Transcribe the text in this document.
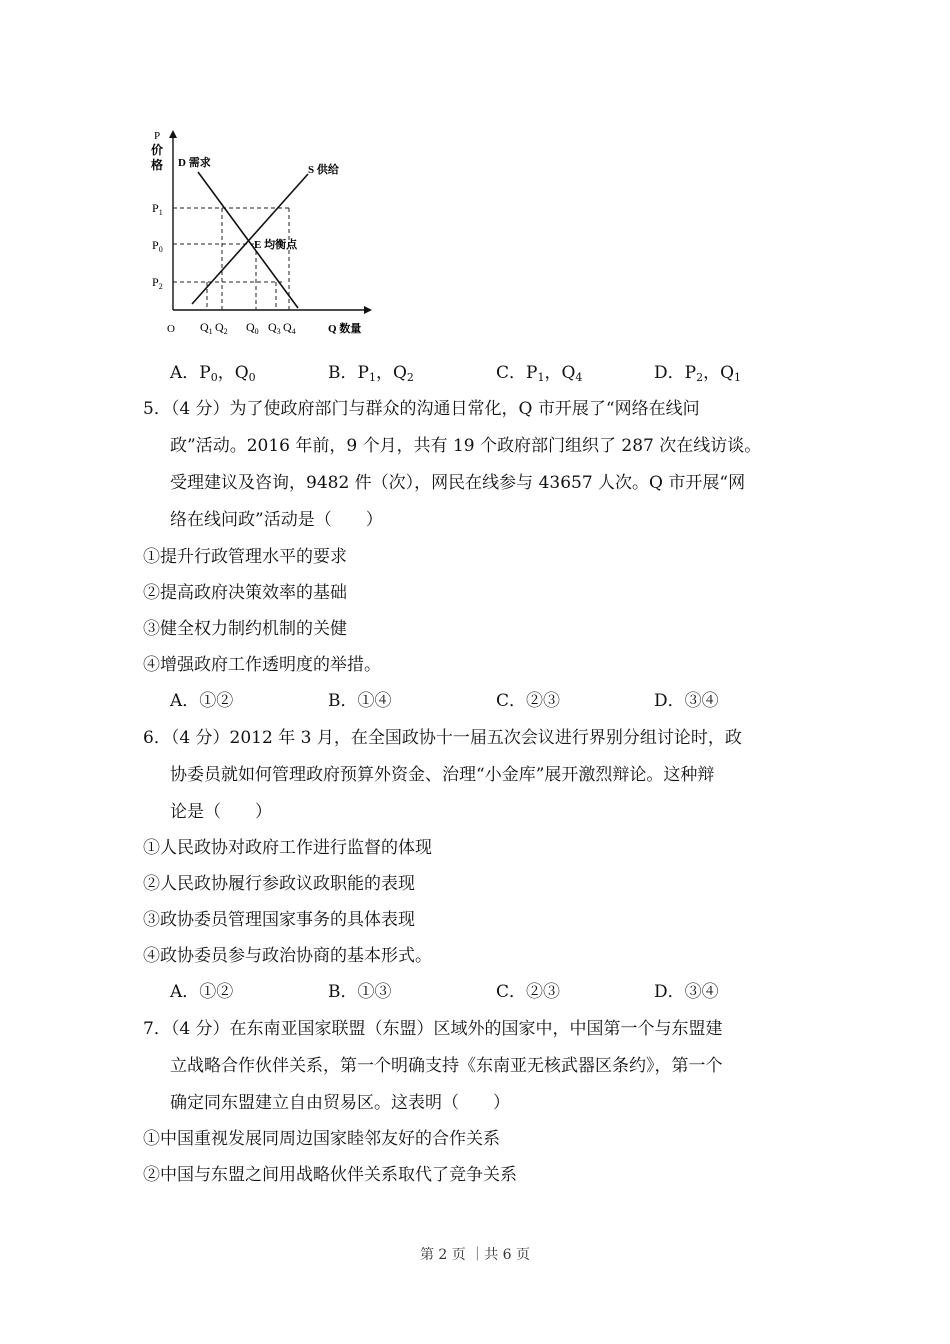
P
价
格 D 需求
S 供给
E 均衡点
$P_1$
$P_0$
$P_2$
O $Q_1$ $Q_2$ $Q_0$ $Q_3$ $Q_4$	Q 数量
A．$P_0$，$Q_0$	B．$P_1$，$Q_2$	C．$P_1$，$Q_4$	D．$P_2$，$Q_1$
5．（4 分）为了使政府部门与群众的沟通日常化，Q 市开展了“网络在线问
政”活动。2016 年前，9 个月，共有 19 个政府部门组织了 287 次在线访谈。
受理建议及咨询，9482 件（次），网民在线参与 43657 人次。Q 市开展“网
络在线问政”活动是（　　）
①提升行政管理水平的要求
②提高政府决策效率的基础
③健全权力制约机制的关健
④增强政府工作透明度的举措。
A．①②	B．①④	C．②③	D．③④
6．（4 分）2012 年 3 月，在全国政协十一届五次会议进行界别分组讨论时，政
协委员就如何管理政府预算外资金、治理“小金库”展开激烈辩论。这种辩
论是（　　）
①人民政协对政府工作进行监督的体现
②人民政协履行参政议政职能的表现
③政协委员管理国家事务的具体表现
④政协委员参与政治协商的基本形式。
A．①②	B．①③	C．②③	D．③④
7．（4 分）在东南亚国家联盟（东盟）区域外的国家中，中国第一个与东盟建
立战略合作伙伴关系，第一个明确支持《东南亚无核武器区条约》，第一个
确定同东盟建立自由贸易区。这表明（　　）
①中国重视发展同周边国家睦邻友好的合作关系
②中国与东盟之间用战略伙伴关系取代了竞争关系
第 2 页 ｜共 6 页
